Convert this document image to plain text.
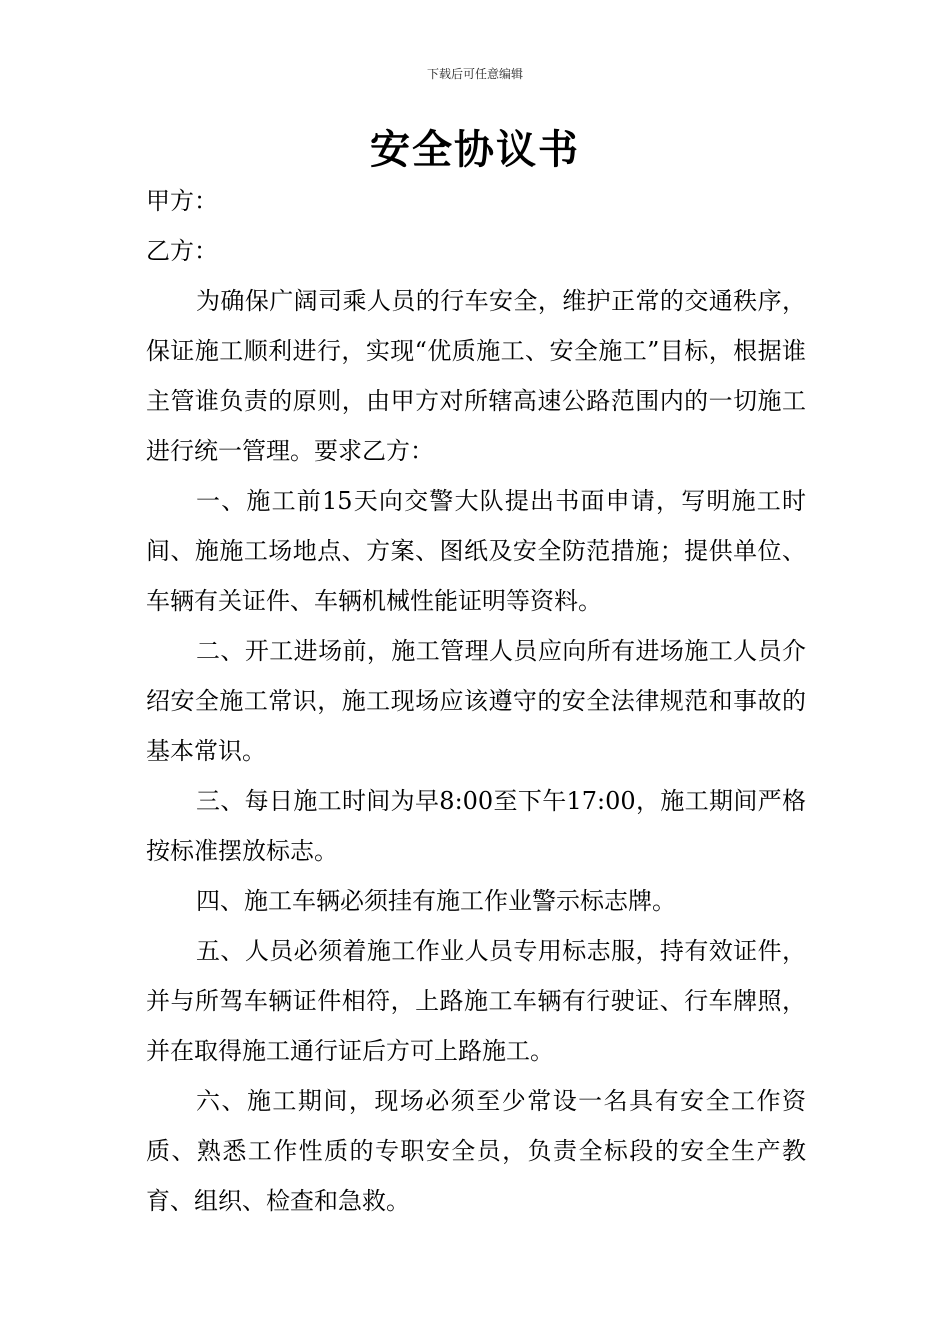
下载后可任意编辑
安全协议书

甲方：

乙方：

为确保广阔司乘人员的行车安全，维护正常的交通秩序，保证施工顺利进行，实现“优质施工、安全施工”目标，根据谁主管谁负责的原则，由甲方对所辖高速公路范围内的一切施工进行统一管理。要求乙方：

一、施工前15天向交警大队提出书面申请，写明施工时间、施施工场地点、方案、图纸及安全防范措施；提供单位、车辆有关证件、车辆机械性能证明等资料。

二、开工进场前，施工管理人员应向所有进场施工人员介绍安全施工常识，施工现场应该遵守的安全法律规范和事故的基本常识。

三、每日施工时间为早8:00至下午17:00，施工期间严格按标准摆放标志。

四、施工车辆必须挂有施工作业警示标志牌。

五、人员必须着施工作业人员专用标志服，持有效证件，并与所驾车辆证件相符，上路施工车辆有行驶证、行车牌照，并在取得施工通行证后方可上路施工。

六、施工期间，现场必须至少常设一名具有安全工作资质、熟悉工作性质的专职安全员，负责全标段的安全生产教育、组织、检查和急救。
